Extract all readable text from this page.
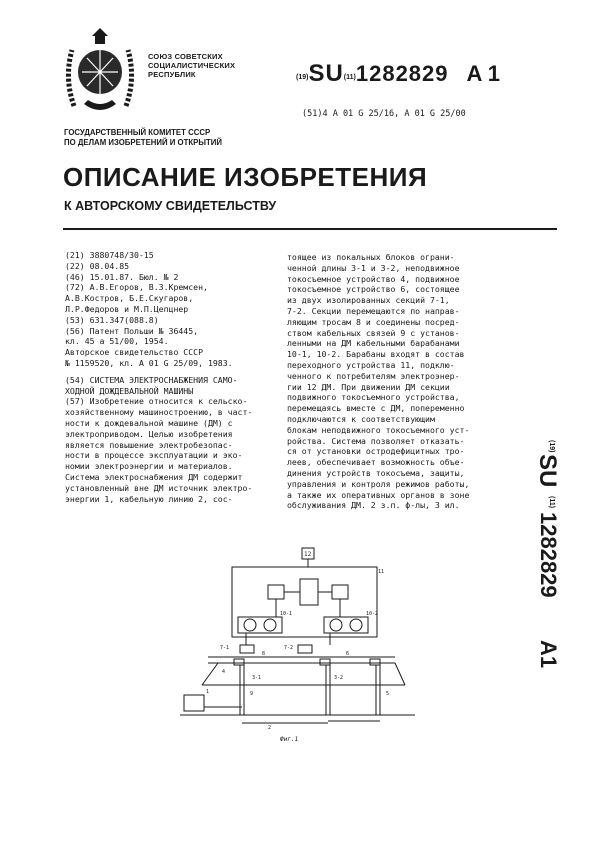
СОЮЗ СОВЕТСКИХ
СОЦИАЛИСТИЧЕСКИХ
РЕСПУБЛИК	(19)SU(11)1282829 A 1
(51)4 A 01 G 25/16, A 01 G 25/00
ГОСУДАРСТВЕННЫЙ КОМИТЕТ СССР
ПО ДЕЛАМ ИЗОБРЕТЕНИЙ И ОТКРЫТИЙ
ОПИСАНИЕ ИЗОБРЕТЕНИЯ
К АВТОРСКОМУ СВИДЕТЕЛЬСТВУ
(21) 3880748/30-15
(22) 08.04.85
(46) 15.01.87. Бюл. № 2
(72) А.В.Егоров, В.З.Кремсен,
А.В.Костров, Б.Е.Скугаров,
Л.Р.Федоров и М.П.Цепцнер
(53) 631.347(088.8)
(56) Патент Польши № 36445,
кл. 45 a 51/00, 1954.
Авторское свидетельство СССР
№ 1159520, кл. А 01 G 25/09, 1983.
(54) СИСТЕМА ЭЛЕКТРОСНАБЖЕНИЯ САМО-
ХОДНОЙ ДОЖДЕВАЛЬНОЙ МАШИНЫ
(57) Изобретение относится к сельско-
хозяйственному машиностроению, в част-
ности к дождевальной машине (ДМ) с
электроприводом. Целью изобретения
является повышение электробезопас-
ности в процессе эксплуатации и эко-
номии электроэнергии и материалов.
Система электроснабжения ДМ содержит
установленный вне ДМ источник электро-
энергии 1, кабельную линию 2, сос-
тоящее из покальных блоков ограни-
ченной длины 3-1 и 3-2, неподвижное
токосъемное устройство 4, подвижное
токосъемное устройство 6, состоящее
из двух изолированных секций 7-1,
7-2. Секции перемещаются по направ-
ляющим тросам 8 и соединены посред-
ством кабельных связей 9 с установ-
ленными на ДМ кабельными барабанами
10-1, 10-2. Барабаны входят в состав
переходного устройства 11, подклю-
ченного к потребителям электроэнер-
гии 12 ДМ. При движении ДМ секции
подвижного токосъемного устройства,
перемещаясь вместе с ДМ, попеременно
подключаются к соответствующим
блокам неподвижного токосъемного уст-
ройства. Система позволяет отказать-
ся от установки остродефицитных тро-
леев, обеспечивает возможность объе-
динения устройств токосъема, защиты,
управления и контроля режимов работы,
а также их оперативных органов в зоне
обслуживания ДМ. 2 з.п. ф-лы, 3 ил.
(19)
SU
(11)
1282829
A1
12
11
10-1	10-2
7-1	7-2
8	6
3-1	3-2
4
9	5
2
1
Фиг.1
